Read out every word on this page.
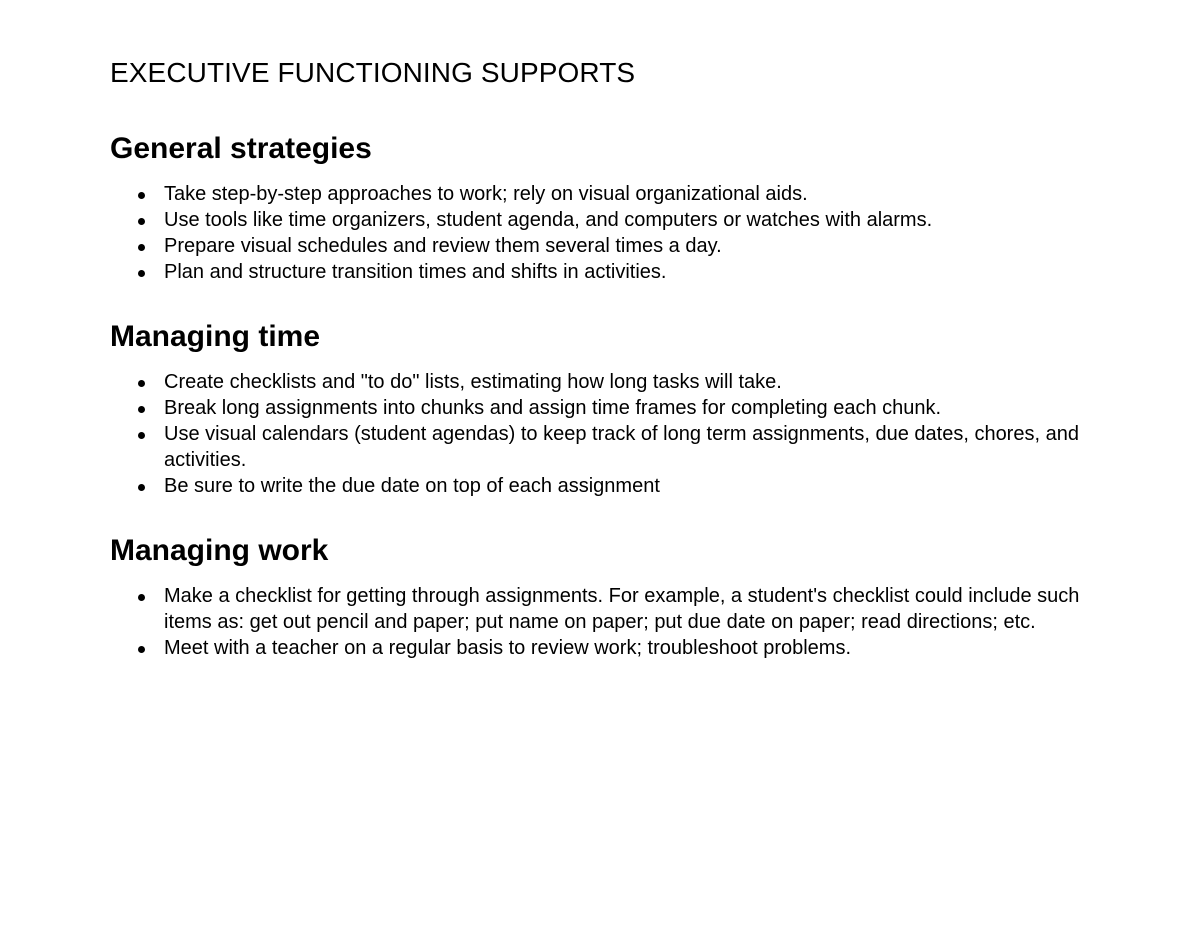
EXECUTIVE FUNCTIONING SUPPORTS
General strategies
Take step-by-step approaches to work; rely on visual organizational aids.
Use tools like time organizers, student agenda, and computers or watches with alarms.
Prepare visual schedules and review them several times a day.
Plan and structure transition times and shifts in activities.
Managing time
Create checklists and "to do" lists, estimating how long tasks will take.
Break long assignments into chunks and assign time frames for completing each chunk.
Use visual calendars (student agendas) to keep track of long term assignments, due dates, chores, and activities.
Be sure to write the due date on top of each assignment
Managing work
Make a checklist for getting through assignments. For example, a student's checklist could include such items as: get out pencil and paper; put name on paper; put due date on paper; read directions; etc.
Meet with a teacher on a regular basis to review work; troubleshoot problems.
